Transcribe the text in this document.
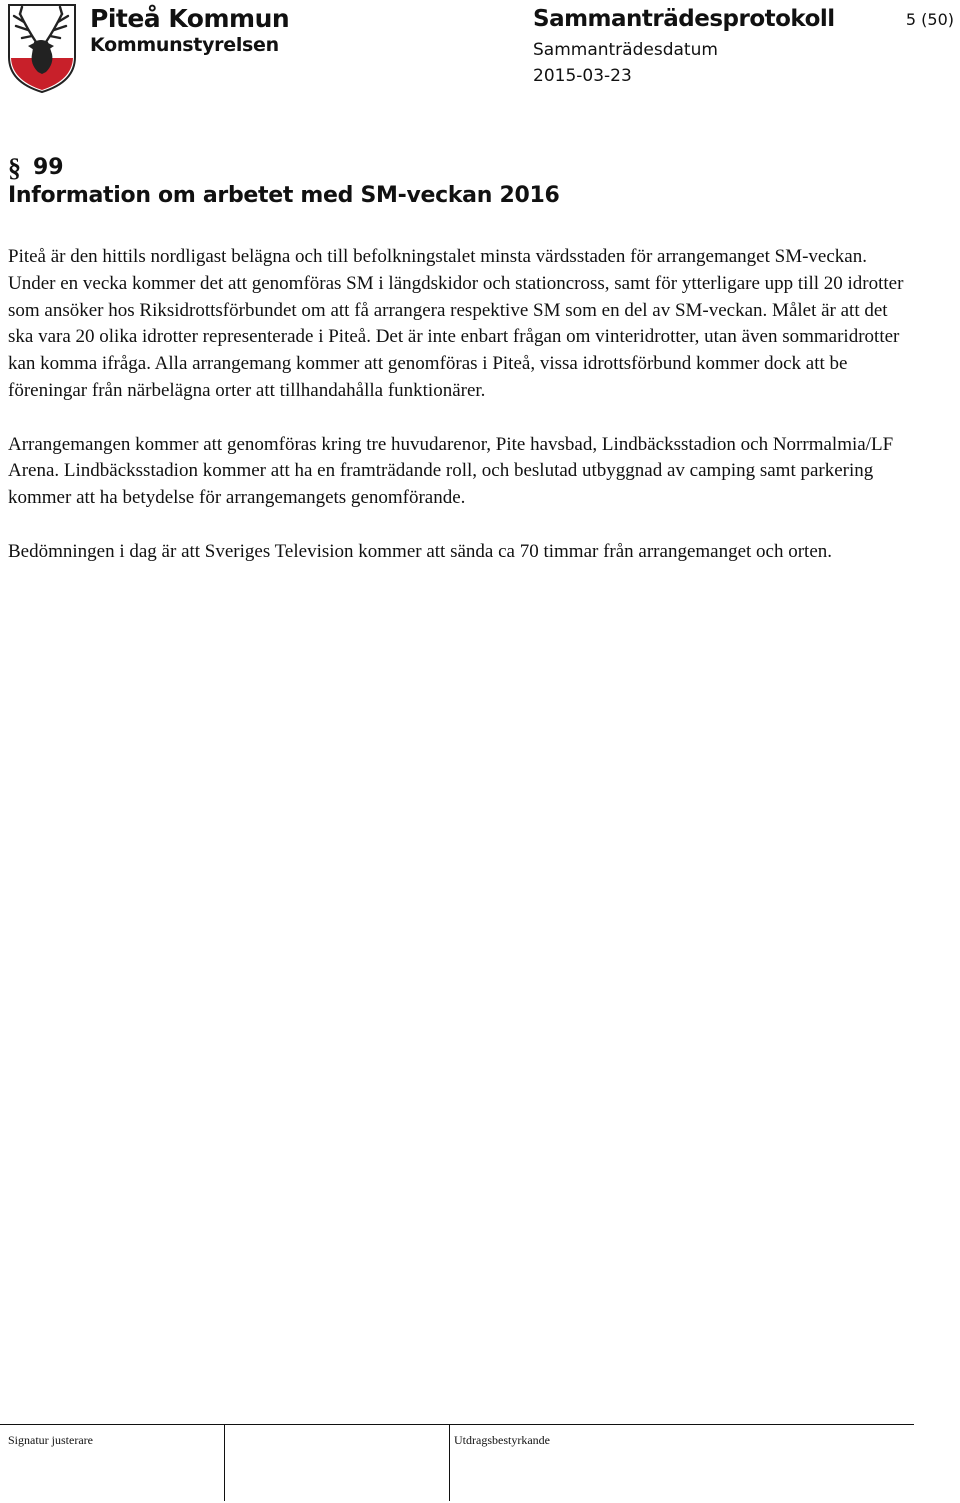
Piteå Kommun
Kommunstyrelsen
Sammanträdesprotokoll
Sammanträdesdatum
2015-03-23
5 (50)
§ 99
Information om arbetet med SM-veckan 2016

Piteå är den hittils nordligast belägna och till befolkningstalet minsta värdsstaden för arrangemanget SM-veckan. Under en vecka kommer det att genomföras SM i längdskidor och stationcross, samt för ytterligare upp till 20 idrotter som ansöker hos Riksidrottsförbundet om att få arrangera respektive SM som en del av SM-veckan. Målet är att det ska vara 20 olika idrotter representerade i Piteå. Det är inte enbart frågan om vinteridrotter, utan även sommaridrotter kan komma ifråga. Alla arrangemang kommer att genomföras i Piteå, vissa idrottsförbund kommer dock att be föreningar från närbelägna orter att tillhandahålla funktionärer.

Arrangemangen kommer att genomföras kring tre huvudarenor, Pite havsbad, Lindbäcksstadion och Norrmalmia/LF Arena. Lindbäcksstadion kommer att ha en framträdande roll, och beslutad utbyggnad av camping samt parkering kommer att ha betydelse för arrangemangets genomförande.

Bedömningen i dag är att Sveriges Television kommer att sända ca 70 timmar från arrangemanget och orten.

Signatur justerare	Utdragsbestyrkande
